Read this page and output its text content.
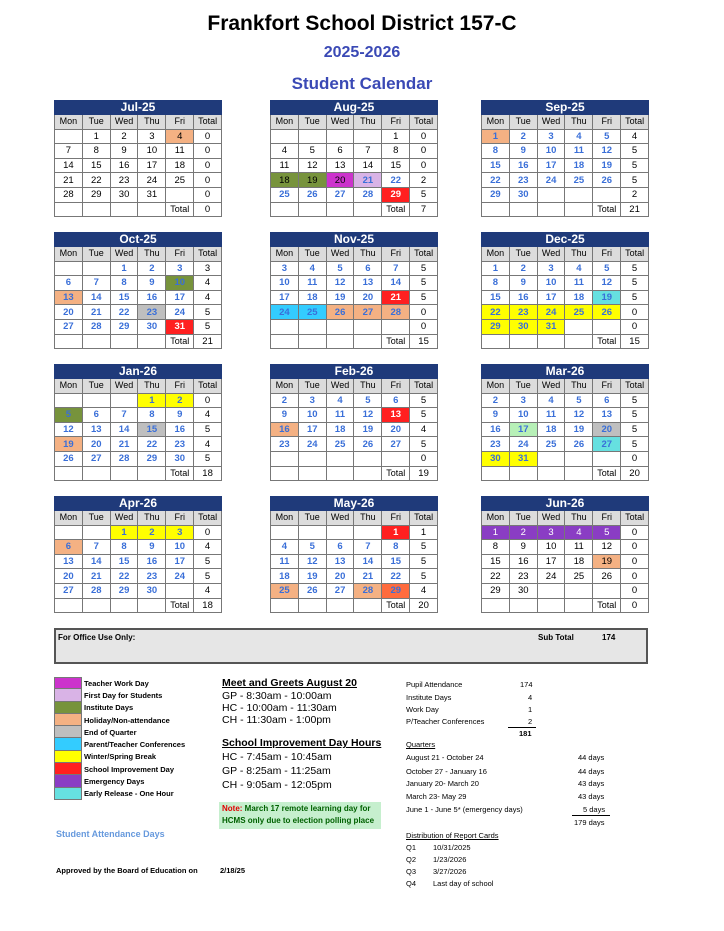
Frankfort School District 157-C
2025-2026
Student Calendar
Jul-25					
Mon	Tue	Wed	Thu	Fri	Total
	1	2	3	4	0
7	8	9	10	11	0
14	15	16	17	18	0
21	22	23	24	25	0
28	29	30	31		0
				Total	0
Aug-25					
Mon	Tue	Wed	Thu	Fri	Total
				1	0
4	5	6	7	8	0
11	12	13	14	15	0
18	19	20	21	22	2
25	26	27	28	29	5
				Total	7
Sep-25					
Mon	Tue	Wed	Thu	Fri	Total
1	2	3	4	5	4
8	9	10	11	12	5
15	16	17	18	19	5
22	23	24	25	26	5
29	30				2
				Total	21
Oct-25					
Mon	Tue	Wed	Thu	Fri	Total
		1	2	3	3
6	7	8	9	10	4
13	14	15	16	17	4
20	21	22	23	24	5
27	28	29	30	31	5
				Total	21
Nov-25					
Mon	Tue	Wed	Thu	Fri	Total
3	4	5	6	7	5
10	11	12	13	14	5
17	18	19	20	21	5
24	25	26	27	28	0
					0
				Total	15
Dec-25					
Mon	Tue	Wed	Thu	Fri	Total
1	2	3	4	5	5
8	9	10	11	12	5
15	16	17	18	19	5
22	23	24	25	26	0
29	30	31			0
				Total	15
Jan-26					
Mon	Tue	Wed	Thu	Fri	Total
			1	2	0
5	6	7	8	9	4
12	13	14	15	16	5
19	20	21	22	23	4
26	27	28	29	30	5
				Total	18
Feb-26					
Mon	Tue	Wed	Thu	Fri	Total
2	3	4	5	6	5
9	10	11	12	13	5
16	17	18	19	20	4
23	24	25	26	27	5
					0
				Total	19
Mar-26					
Mon	Tue	Wed	Thu	Fri	Total
2	3	4	5	6	5
9	10	11	12	13	5
16	17	18	19	20	5
23	24	25	26	27	5
30	31				0
				Total	20
Apr-26					
Mon	Tue	Wed	Thu	Fri	Total
		1	2	3	0
6	7	8	9	10	4
13	14	15	16	17	5
20	21	22	23	24	5
27	28	29	30		4
				Total	18
May-26					
Mon	Tue	Wed	Thu	Fri	Total
				1	1
4	5	6	7	8	5
11	12	13	14	15	5
18	19	20	21	22	5
25	26	27	28	29	4
				Total	20
Jun-26					
Mon	Tue	Wed	Thu	Fri	Total
1	2	3	4	5	0
8	9	10	11	12	0
15	16	17	18	19	0
22	23	24	25	26	0
29	30				0
				Total	0
For Office Use Only:	Sub Total	174
Teacher Work Day
First Day for Students
Institute Days
Holiday/Non-attendance
End of Quarter
Parent/Teacher Conferences
Winter/Spring Break
School Improvement Day
Emergency Days
Early Release - One Hour
Meet and Greets August 20
GP - 8:30am - 10:00am
HC - 10:00am - 11:30am
CH - 11:30am - 1:00pm
School Improvement Day Hours
HC - 7:45am - 10:45am
GP - 8:25am - 11:25am
CH - 9:05am - 12:05pm
Note: March 17 remote learning day for
HCMS only due to election polling place
Student Attendance Days
Approved by the Board of Education on	2/18/25
Pupil Attendance	174
Institute Days	4
Work Day	1
P/Teacher Conferences	2
181
Quarters
August 21 - October 24	44 days
October 27 - January 16	44 days
January 20- March 20	43 days
March 23- May 29	43 days
June 1 - June 5* (emergency days)	5 days
179 days
Distribution of Report Cards
Q1 10/31/2025
Q2 1/23/2026
Q3 3/27/2026
Q4 Last day of school
